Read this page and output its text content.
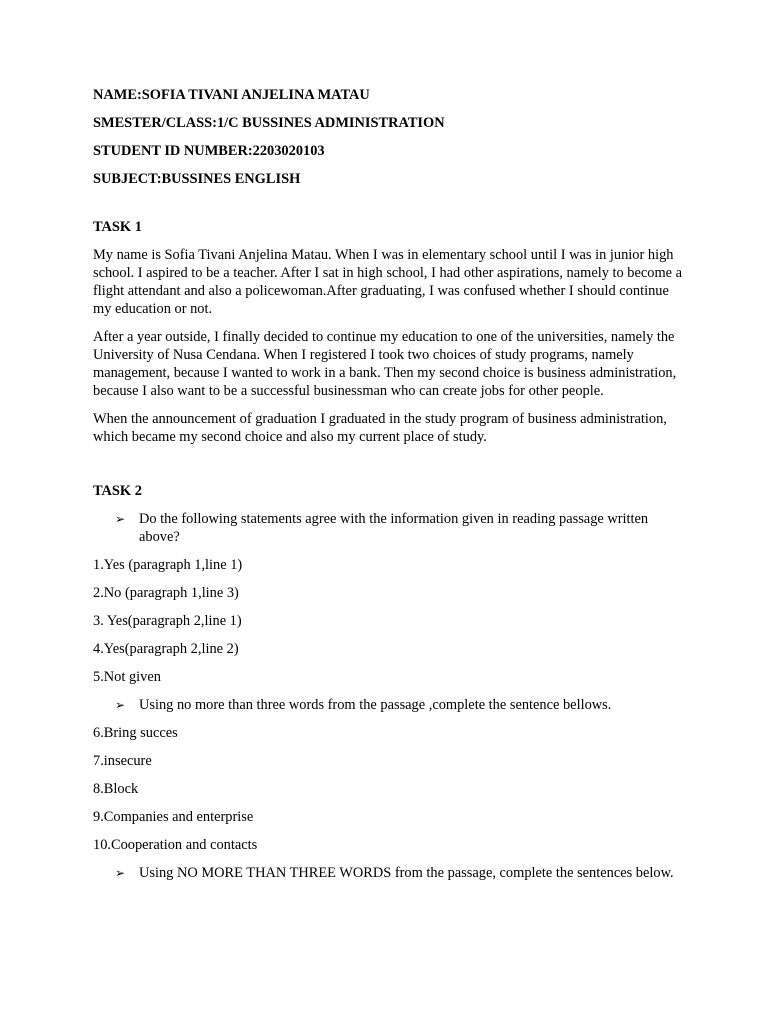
NAME:SOFIA TIVANI ANJELINA MATAU
SMESTER/CLASS:1/C BUSSINES ADMINISTRATION
STUDENT ID NUMBER:2203020103
SUBJECT:BUSSINES ENGLISH
TASK 1

My name is Sofia Tivani Anjelina Matau. When I was in elementary school until I was in junior high school. I aspired to be a teacher. After I sat in high school, I had other aspirations, namely to become a flight attendant and also a policewoman.After graduating, I was confused whether I should continue my education or not.

After a year outside, I finally decided to continue my education to one of the universities, namely the University of Nusa Cendana. When I registered I took two choices of study programs, namely management, because I wanted to work in a bank. Then my second choice is business administration, because I also want to be a successful businessman who can create jobs for other people.

When the announcement of graduation I graduated in the study program of business administration, which became my second choice and also my current place of study.

TASK 2
➢ Do the following statements agree with the information given in reading passage written above?
1.Yes (paragraph 1,line 1)
2.No (paragraph 1,line 3)
3. Yes(paragraph 2,line 1)
4.Yes(paragraph 2,line 2)
5.Not given
➢ Using no more than three words from the passage ,complete the sentence bellows.
6.Bring succes
7.insecure
8.Block
9.Companies and enterprise
10.Cooperation and contacts
➢ Using NO MORE THAN THREE WORDS from the passage, complete the sentences below.
